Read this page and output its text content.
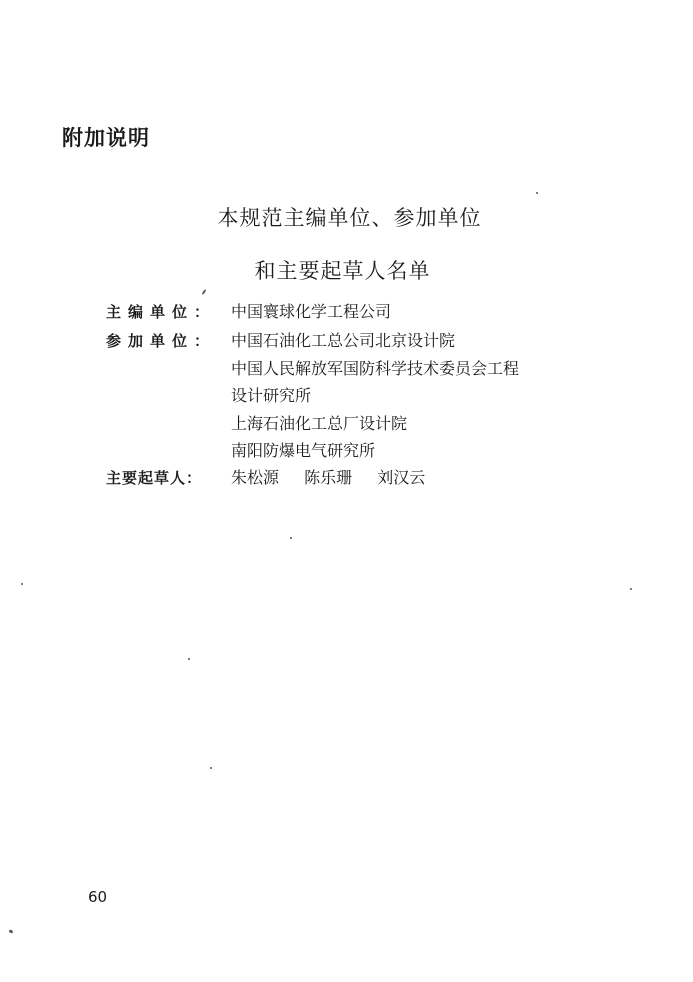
附加说明
本规范主编单位、参加单位
和主要起草人名单
主编单位： 中国寰球化学工程公司
参加单位： 中国石油化工总公司北京设计院
中国人民解放军国防科学技术委员会工程
设计研究所
上海石油化工总厂设计院
南阳防爆电气研究所
主要起草人： 朱松源 陈乐珊 刘汉云
60
